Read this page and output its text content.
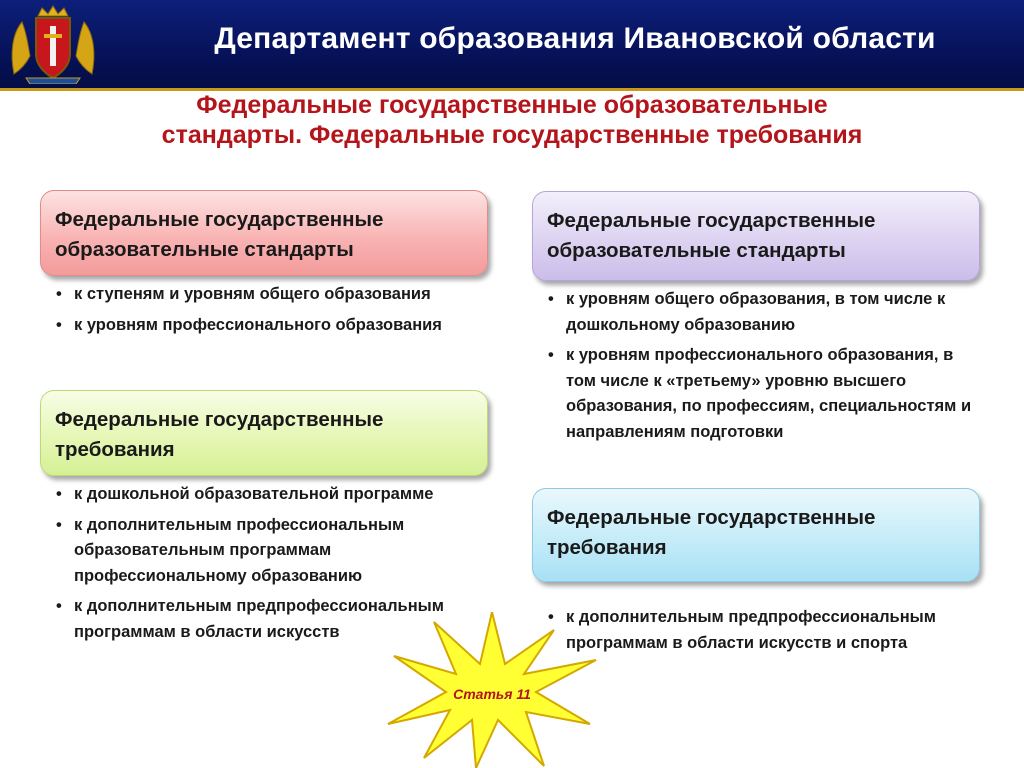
Департамент образования Ивановской области
Федеральные государственные образовательные
стандарты. Федеральные государственные требования
Федеральные государственные
образовательные стандарты
• к ступеням и уровням общего образования
• к уровням профессионального образования
Федеральные государственные
требования
• к дошкольной образовательной программе
• к дополнительным профессиональным образовательным программам профессиональному образованию
• к дополнительным предпрофессиональным программам в области искусств
Федеральные государственные
образовательные стандарты
• к уровням общего образования, в том числе к дошкольному образованию
• к уровням профессионального образования, в том числе к «третьему» уровню высшего образования, по профессиям, специальностям и направлениям подготовки
Федеральные государственные
требования
• к дополнительным предпрофессиональным программам в области искусств и спорта
Статья 11
